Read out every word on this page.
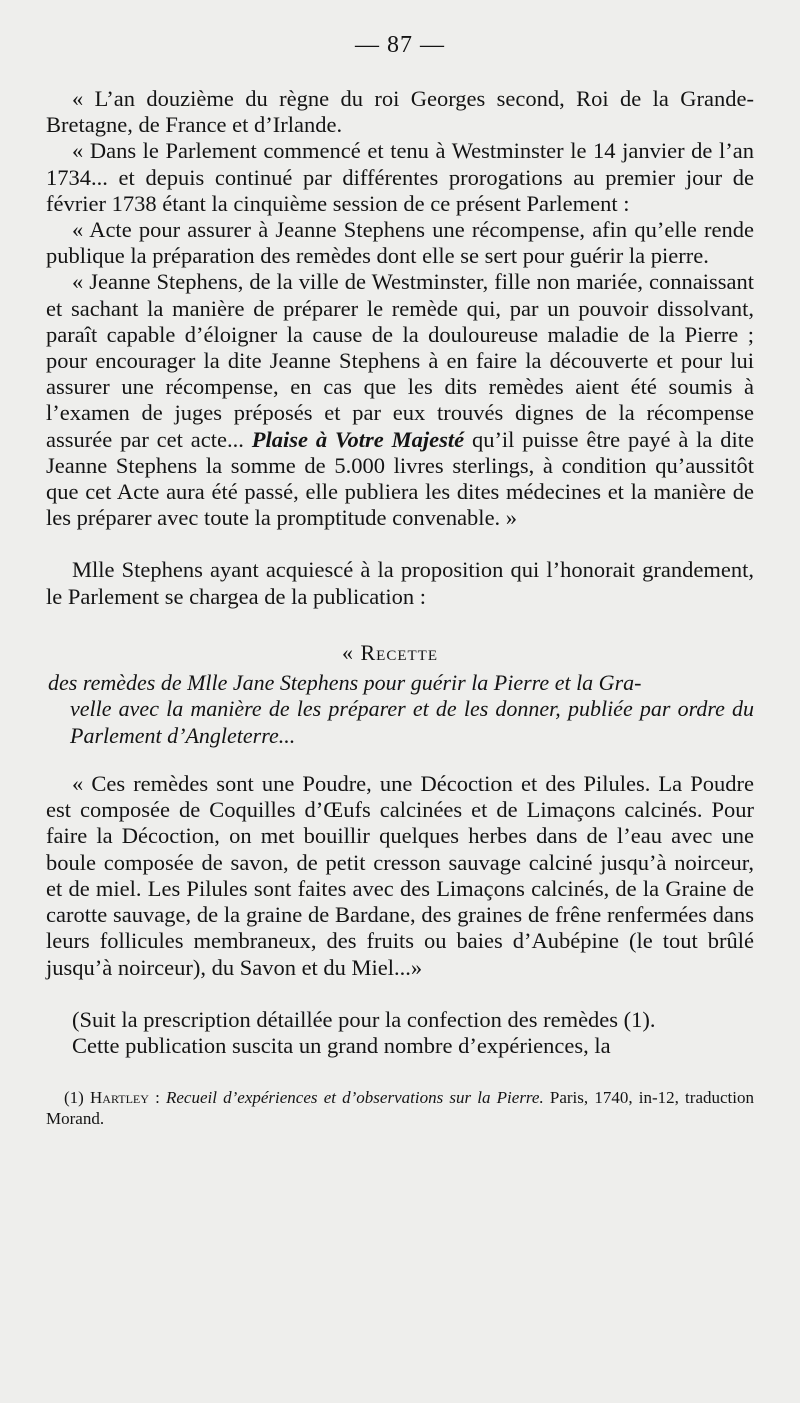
— 87 —

« L’an douzième du règne du roi Georges second, Roi de la Grande-Bretagne, de France et d’Irlande.

« Dans le Parlement commencé et tenu à Westminster le 14 janvier de l’an 1734... et depuis continué par différentes prorogations au premier jour de février 1738 étant la cinquième session de ce présent Parlement :

« Acte pour assurer à Jeanne Stephens une récompense, afin qu’elle rende publique la préparation des remèdes dont elle se sert pour guérir la pierre.

« Jeanne Stephens, de la ville de Westminster, fille non mariée, connaissant et sachant la manière de préparer le remède qui, par un pouvoir dissolvant, paraît capable d’éloigner la cause de la douloureuse maladie de la Pierre ; pour encourager la dite Jeanne Stephens à en faire la découverte et pour lui assurer une récompense, en cas que les dits remèdes aient été soumis à l’examen de juges préposés et par eux trouvés dignes de la récompense assurée par cet acte... Plaise à Votre Majesté qu’il puisse être payé à la dite Jeanne Stephens la somme de 5.000 livres sterlings, à condition qu’aussitôt que cet Acte aura été passé, elle publiera les dites médecines et la manière de les préparer avec toute la promptitude convenable. »

Mlle Stephens ayant acquiescé à la proposition qui l’honorait grandement, le Parlement se chargea de la publication :

« Recette
des remèdes de Mlle Jane Stephens pour guérir la Pierre et la Gra-
velle avec la manière de les préparer et de les donner, publiée par ordre du Parlement d’Angleterre...

« Ces remèdes sont une Poudre, une Décoction et des Pilules. La Poudre est composée de Coquilles d’Œufs calcinées et de Limaçons calcinés. Pour faire la Décoction, on met bouillir quelques herbes dans de l’eau avec une boule composée de savon, de petit cresson sauvage calciné jusqu’à noirceur, et de miel. Les Pilules sont faites avec des Limaçons calcinés, de la Graine de carotte sauvage, de la graine de Bardane, des graines de frêne renfermées dans leurs follicules membraneux, des fruits ou baies d’Aubépine (le tout brûlé jusqu’à noirceur), du Savon et du Miel...»

(Suit la prescription détaillée pour la confection des remèdes (1).

Cette publication suscita un grand nombre d’expériences, la

(1) Hartley : Recueil d’expériences et d’observations sur la Pierre. Paris, 1740, in-12, traduction Morand.
